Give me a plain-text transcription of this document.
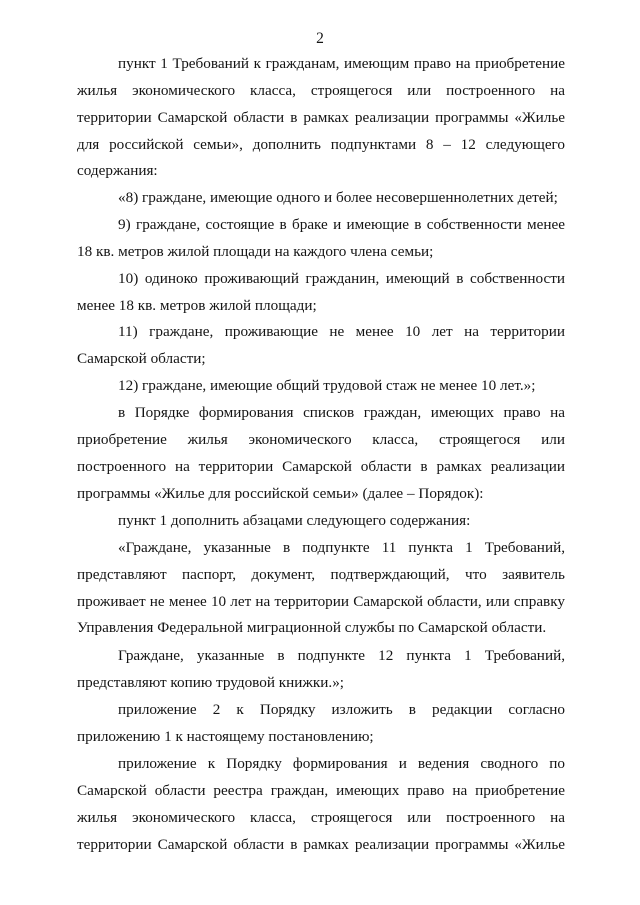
2
пункт 1 Требований к гражданам, имеющим право на приобретение
жилья экономического класса, строящегося или построенного на
территории Самарской области в рамках реализации программы «Жилье
для российской семьи», дополнить подпунктами 8 – 12 следующего
содержания:
«8) граждане, имеющие одного и более несовершеннолетних детей;
9) граждане, состоящие в браке и имеющие в собственности менее
18 кв. метров жилой площади на каждого члена семьи;
10) одиноко проживающий гражданин, имеющий в собственности
менее 18 кв. метров жилой площади;
11) граждане, проживающие не менее 10 лет на территории
Самарской области;
12) граждане, имеющие общий трудовой стаж не менее 10 лет.»;
в Порядке формирования списков граждан, имеющих право на
приобретение жилья экономического класса, строящегося или
построенного на территории Самарской области в рамках реализации
программы «Жилье для российской семьи» (далее – Порядок):
пункт 1 дополнить абзацами следующего содержания:
«Граждане, указанные в подпункте 11 пункта 1 Требований,
представляют паспорт, документ, подтверждающий, что заявитель
проживает не менее 10 лет на территории Самарской области, или справку
Управления Федеральной миграционной службы по Самарской области.
Граждане, указанные в подпункте 12 пункта 1 Требований,
представляют копию трудовой книжки.»;
приложение 2 к Порядку изложить в редакции согласно
приложению 1 к настоящему постановлению;
приложение к Порядку формирования и ведения сводного по
Самарской области реестра граждан, имеющих право на приобретение
жилья экономического класса, строящегося или построенного на
территории Самарской области в рамках реализации программы «Жилье
